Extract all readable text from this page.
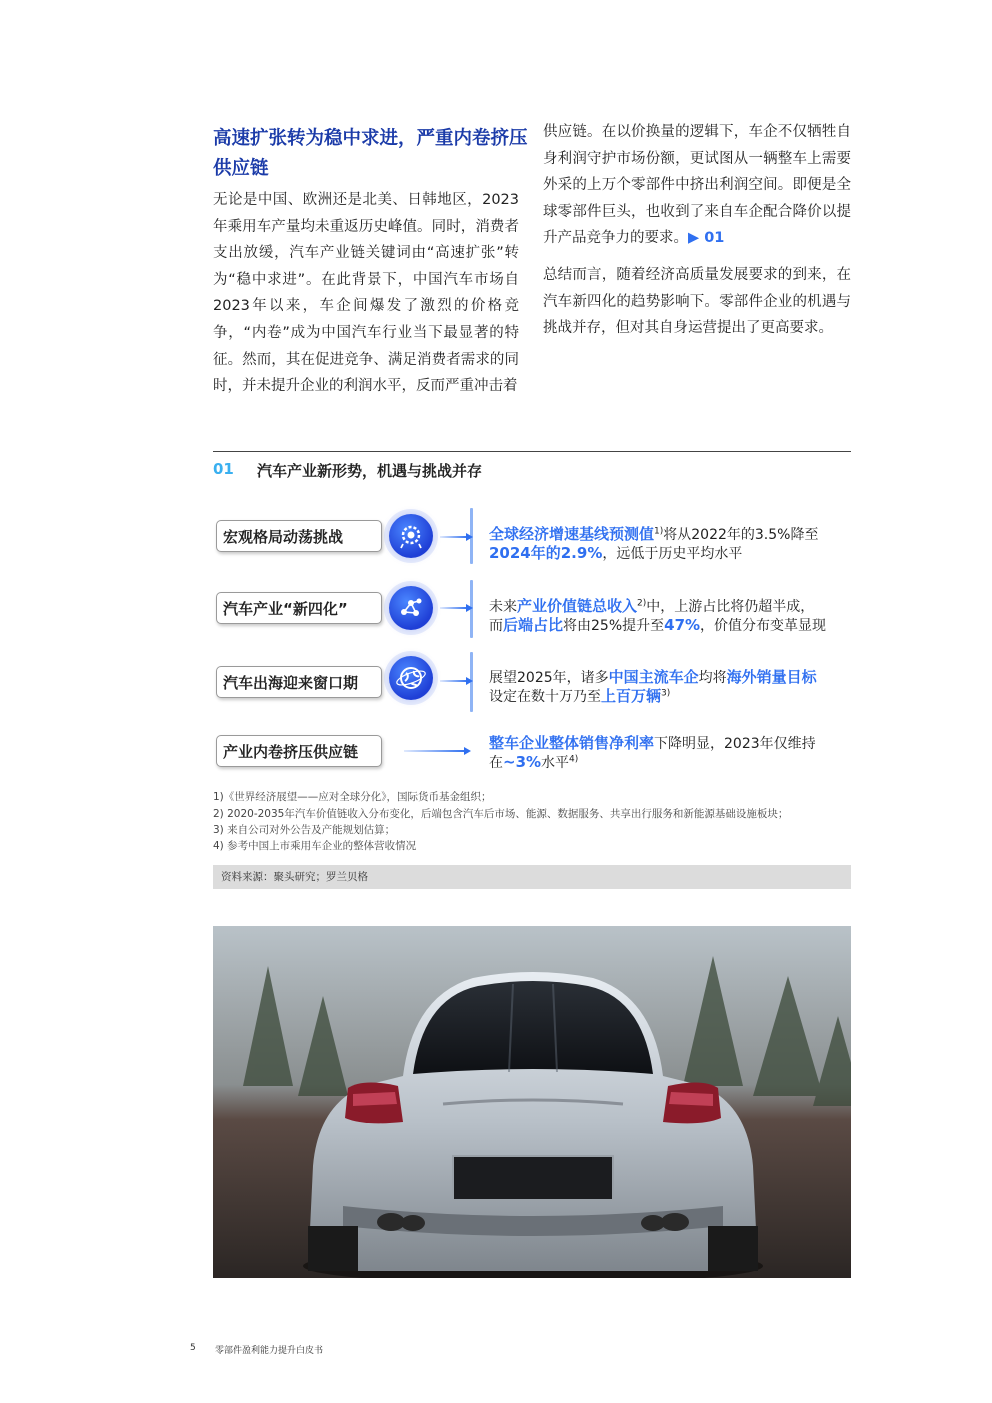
高速扩张转为稳中求进，严重内卷挤压
供应链

无论是中国、欧洲还是北美、日韩地区，2023年乘用车产量均未重返历史峰值。同时，消费者支出放缓，汽车产业链关键词由“高速扩张”转为“稳中求进”。在此背景下，中国汽车市场自2023年以来，车企间爆发了激烈的价格竞争，“内卷”成为中国汽车行业当下最显著的特征。然而，其在促进竞争、满足消费者需求的同时，并未提升企业的利润水平，反而严重冲击着

供应链。在以价换量的逻辑下，车企不仅牺牲自身利润守护市场份额，更试图从一辆整车上需要外采的上万个零部件中挤出利润空间。即便是全球零部件巨头，也收到了来自车企配合降价以提升产品竞争力的要求。▶ 01

总结而言，随着经济高质量发展要求的到来，在汽车新四化的趋势影响下。零部件企业的机遇与挑战并存，但对其自身运营提出了更高要求。

01 汽车产业新形势，机遇与挑战并存
宏观格局动荡挑战	全球经济增速基线预测值$^{1)}$将从2022年的3.5%降至
2024年的2.9%，远低于历史平均水平
汽车产业“新四化”	未来产业价值链总收入$^{2)}$中，上游占比将仍超半成，
而后端占比将由25%提升至47%，价值分布变革显现
汽车出海迎来窗口期	展望2025年，诸多中国主流车企均将海外销量目标
设定在数十万乃至上百万辆$^{3)}$
产业内卷挤压供应链	整车企业整体销售净利率下降明显，2023年仅维持
在~3%水平$^{4)}$
1)《世界经济展望——应对全球分化》，国际货币基金组织；
2) 2020-2035年汽车价值链收入分布变化，后端包含汽车后市场、能源、数据服务、共享出行服务和新能源基础设施板块；
3) 来自公司对外公告及产能规划估算；
4) 参考中国上市乘用车企业的整体营收情况
资料来源：聚头研究；罗兰贝格
5 零部件盈利能力提升白皮书
